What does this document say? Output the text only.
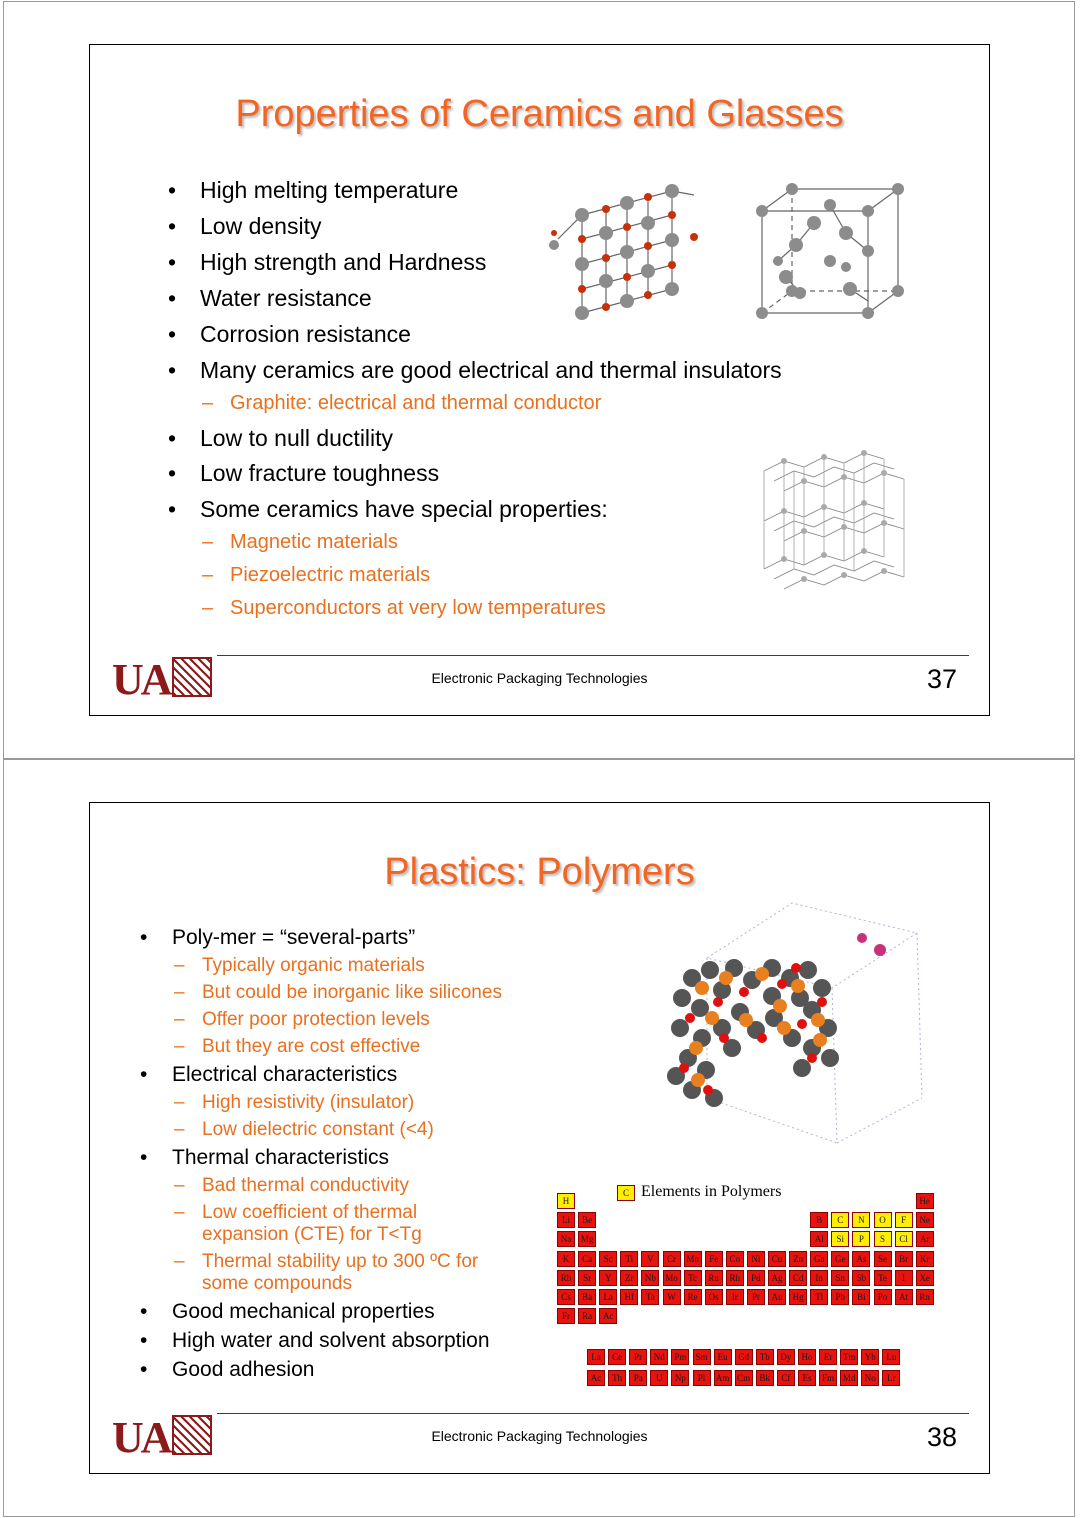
Properties of Ceramics and Glasses
• High melting temperature
• Low density
• High strength and Hardness
• Water resistance
• Corrosion resistance
• Many ceramics are good electrical and thermal insulators
– Graphite: electrical and thermal conductor
• Low to null ductility
• Low fracture toughness
• Some ceramics have special properties:
– Magnetic materials
– Piezoelectric materials
– Superconductors at very low temperatures
UA	Electronic Packaging Technologies	37
Plastics: Polymers
• Poly-mer = “several-parts”
– Typically organic materials
– But could be inorganic like silicones
– Offer poor protection levels
– But they are cost effective
• Electrical characteristics
– High resistivity (insulator)
– Low dielectric constant (<4)
• Thermal characteristics
– Bad thermal conductivity
– Low coefficient of thermal expansion (CTE) for T<Tg
– Thermal stability up to 300 ºC for some compounds
• Good mechanical properties
• High water and solvent absorption
• Good adhesion
C Elements in Polymers
H	He
Li	Be	B	C	N	O	F	Ne
Na	Mg	Al	Si	P	S	Cl	Ar
K	Ca	Sc	Ti	V	Cr	Mn	Fe	Co	Ni	Cu	Zn	Ga	Ge	As	Se	Br	Kr
Rb	Sr	Y	Zr	Nb	Mo	Tc	Ru	Rh	Pd	Ag	Cd	In	Sn	Sb	Te	I	Xe
Cs	Ba	La	Hf	Ta	W	Re	Os	Ir	Pt	Au	Hg	Tl	Pb	Bi	Po	At	Rn
Fr	Ra	Ac
La	Ce	Pr	Nd	Pm	Sm	Eu	Gd	Tb	Dy	Ho	Er	Tm	Yb	Lu
Ac	Th	Pa	U	Np	Pl	Am Cm	Bk	Cf	Es	Fm Md	No	Lr
UA	Electronic Packaging Technologies	38
